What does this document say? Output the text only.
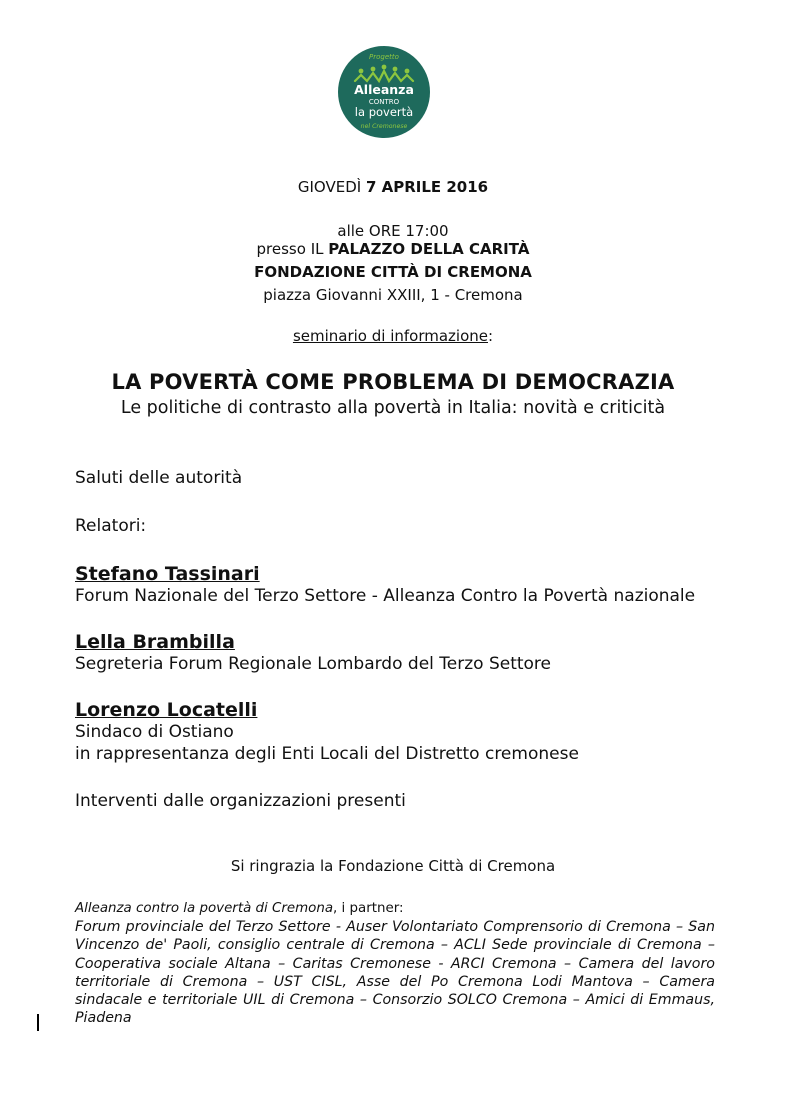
Progetto
Alleanza
CONTRO
la povertà
nel Cremonese
GIOVEDÌ 7 APRILE 2016
alle ORE 17:00
presso IL PALAZZO DELLA CARITÀ
FONDAZIONE CITTÀ DI CREMONA
piazza Giovanni XXIII, 1 - Cremona
seminario di informazione:
LA POVERTÀ COME PROBLEMA DI DEMOCRAZIA
Le politiche di contrasto alla povertà in Italia: novità e criticità
Saluti delle autorità
Relatori:
Stefano Tassinari
Forum Nazionale del Terzo Settore - Alleanza Contro la Povertà nazionale
Lella Brambilla
Segreteria Forum Regionale Lombardo del Terzo Settore
Lorenzo Locatelli
Sindaco di Ostiano
in rappresentanza degli Enti Locali del Distretto cremonese
Interventi dalle organizzazioni presenti
Si ringrazia la Fondazione Città di Cremona
Alleanza contro la povertà di Cremona, i partner:
Forum provinciale del Terzo Settore - Auser Volontariato Comprensorio di Cremona – San Vincenzo de' Paoli, consiglio centrale di Cremona – ACLI Sede provinciale di Cremona – Cooperativa sociale Altana – Caritas Cremonese - ARCI Cremona – Camera del lavoro territoriale di Cremona – UST CISL, Asse del Po Cremona Lodi Mantova – Camera sindacale e territoriale UIL di Cremona – Consorzio SOLCO Cremona – Amici di Emmaus, Piadena
